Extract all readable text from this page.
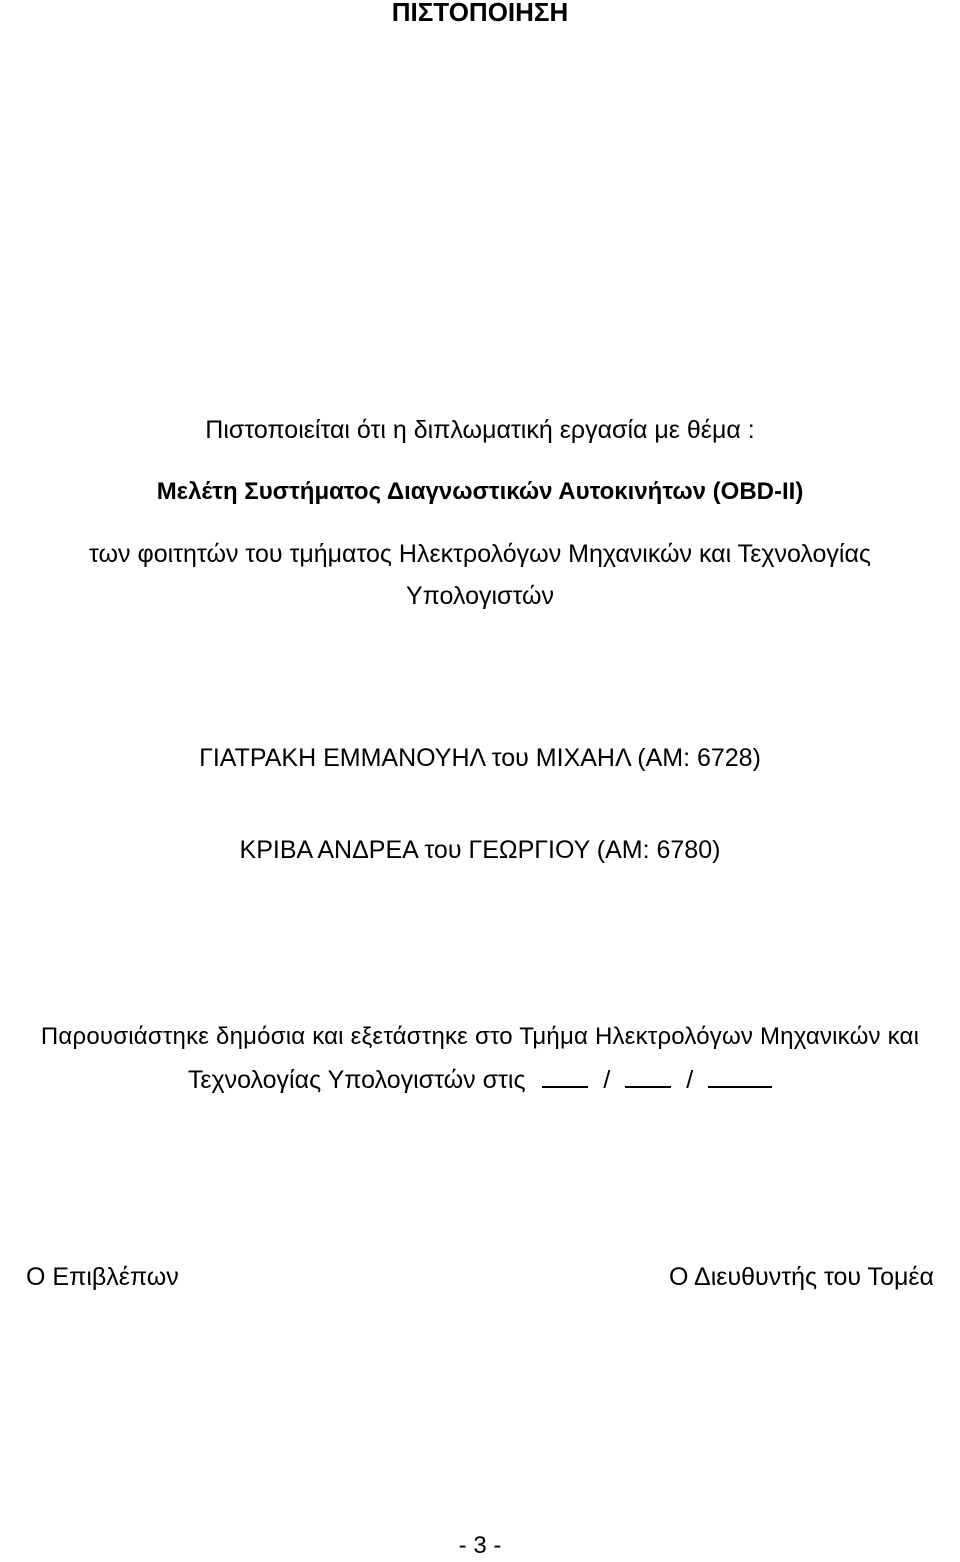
ΠΙΣΤΟΠΟΙΗΣΗ
Πιστοποιείται ότι η διπλωματική εργασία με θέμα :
Μελέτη Συστήματος Διαγνωστικών Αυτοκινήτων (OBD-II)
των φοιτητών του τμήματος Ηλεκτρολόγων Μηχανικών και Τεχνολογίας
Υπολογιστών
ΓΙΑΤΡΑΚΗ ΕΜΜΑΝΟΥΗΛ του ΜΙΧΑΗΛ (ΑΜ: 6728)
ΚΡΙΒΑ ΑΝΔΡΕΑ του ΓΕΩΡΓΙΟΥ (ΑΜ: 6780)
Παρουσιάστηκε δημόσια και εξετάστηκε στο Τμήμα Ηλεκτρολόγων Μηχανικών και
Τεχνολογίας Υπολογιστών στις	/	/
Ο Επιβλέπων	Ο Διευθυντής του Τομέα
- 3 -
